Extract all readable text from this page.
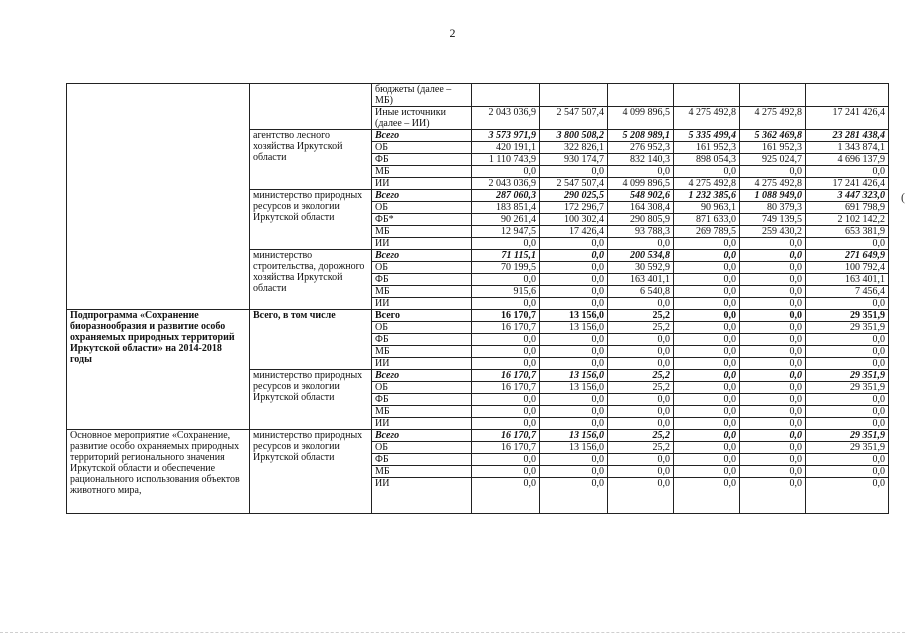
2
(
		бюджеты (далее – МБ)						
		Иные источники (далее – ИИ)	2 043 036,9	2 547 507,4	4 099 896,5	4 275 492,8	4 275 492,8	17 241 426,4
	агентство лесного хозяйства Иркутской области	Всего	3 573 971,9	3 800 508,2	5 208 989,1	5 335 499,4	5 362 469,8	23 281 438,4
		ОБ	420 191,1	322 826,1	276 952,3	161 952,3	161 952,3	1 343 874,1
		ФБ	1 110 743,9	930 174,7	832 140,3	898 054,3	925 024,7	4 696 137,9
		МБ	0,0	0,0	0,0	0,0	0,0	0,0
		ИИ	2 043 036,9	2 547 507,4	4 099 896,5	4 275 492,8	4 275 492,8	17 241 426,4
	министерство природных ресурсов и экологии Иркутской области	Всего	287 060,3	290 025,5	548 902,6	1 232 385,6	1 088 949,0	3 447 323,0
		ОБ	183 851,4	172 296,7	164 308,4	90 963,1	80 379,3	691 798,9
		ФБ*	90 261,4	100 302,4	290 805,9	871 633,0	749 139,5	2 102 142,2
		МБ	12 947,5	17 426,4	93 788,3	269 789,5	259 430,2	653 381,9
		ИИ	0,0	0,0	0,0	0,0	0,0	0,0
	министерство строительства, дорожного хозяйства Иркутской области	Всего	71 115,1	0,0	200 534,8	0,0	0,0	271 649,9
		ОБ	70 199,5	0,0	30 592,9	0,0	0,0	100 792,4
		ФБ	0,0	0,0	163 401,1	0,0	0,0	163 401,1
		МБ	915,6	0,0	6 540,8	0,0	0,0	7 456,4
		ИИ	0,0	0,0	0,0	0,0	0,0	0,0
Подпрограмма «Сохранение биоразнообразия и развитие особо охраняемых природных территорий Иркутской области» на 2014-2018 годы	Всего, в том числе	Всего	16 170,7	13 156,0	25,2	0,0	0,0	29 351,9
		ОБ	16 170,7	13 156,0	25,2	0,0	0,0	29 351,9
		ФБ	0,0	0,0	0,0	0,0	0,0	0,0
		МБ	0,0	0,0	0,0	0,0	0,0	0,0
		ИИ	0,0	0,0	0,0	0,0	0,0	0,0
	министерство природных ресурсов и экологии Иркутской области	Всего	16 170,7	13 156,0	25,2	0,0	0,0	29 351,9
		ОБ	16 170,7	13 156,0	25,2	0,0	0,0	29 351,9
		ФБ	0,0	0,0	0,0	0,0	0,0	0,0
		МБ	0,0	0,0	0,0	0,0	0,0	0,0
		ИИ	0,0	0,0	0,0	0,0	0,0	0,0
Основное мероприятие «Сохранение, развитие особо охраняемых природных территорий регионального значения Иркутской области и обеспечение рационального использования объектов животного мира,	министерство природных ресурсов и экологии Иркутской области	Всего	16 170,7	13 156,0	25,2	0,0	0,0	29 351,9
		ОБ	16 170,7	13 156,0	25,2	0,0	0,0	29 351,9
		ФБ	0,0	0,0	0,0	0,0	0,0	0,0
		МБ	0,0	0,0	0,0	0,0	0,0	0,0
		ИИ	0,0	0,0	0,0	0,0	0,0	0,0
